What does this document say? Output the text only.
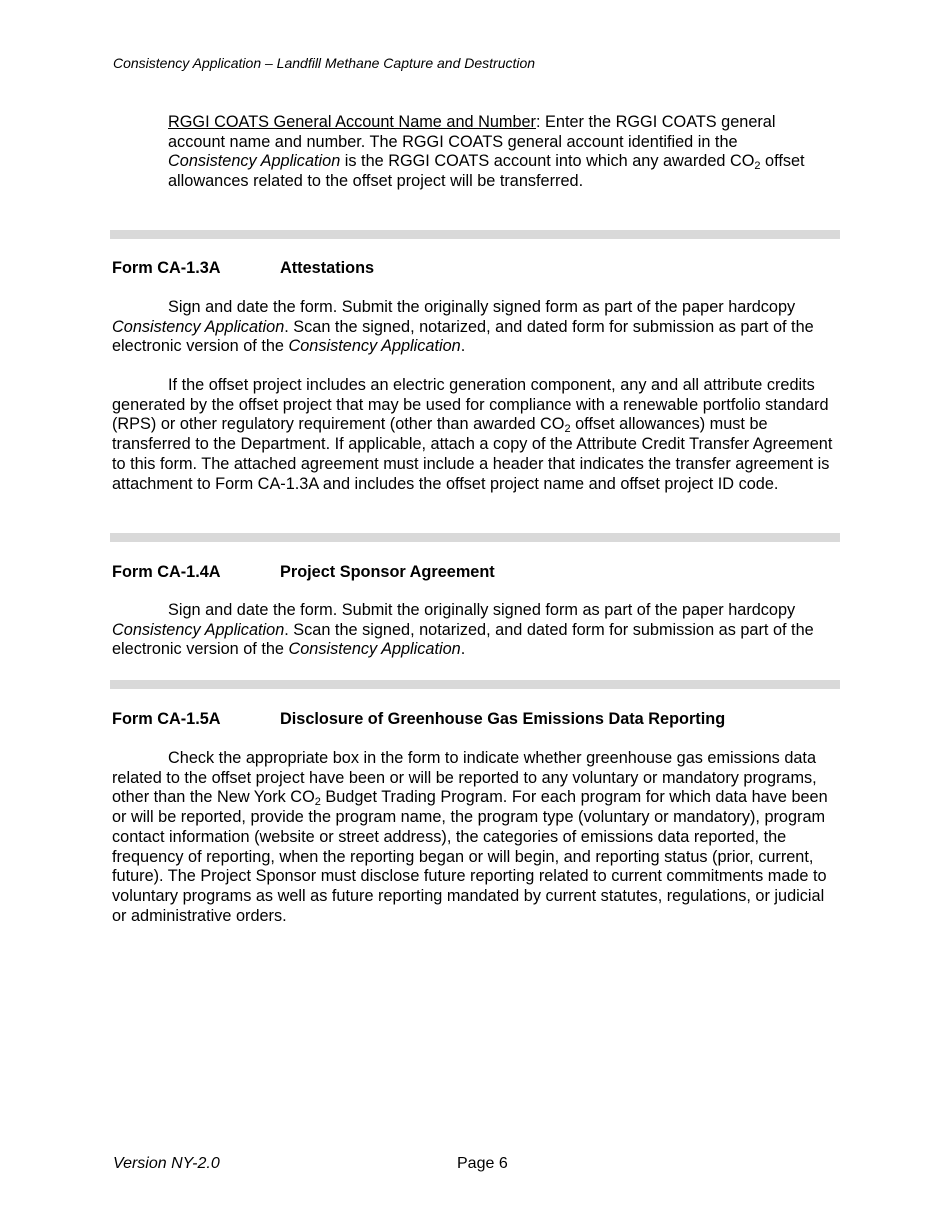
Consistency Application – Landfill Methane Capture and Destruction

RGGI COATS General Account Name and Number: Enter the RGGI COATS general account name and number. The RGGI COATS general account identified in the Consistency Application is the RGGI COATS account into which any awarded $CO_2$ offset allowances related to the offset project will be transferred.

Form CA-1.3A	Attestations

Sign and date the form. Submit the originally signed form as part of the paper hardcopy Consistency Application. Scan the signed, notarized, and dated form for submission as part of the electronic version of the Consistency Application.

If the offset project includes an electric generation component, any and all attribute credits generated by the offset project that may be used for compliance with a renewable portfolio standard (RPS) or other regulatory requirement (other than awarded $CO_2$ offset allowances) must be transferred to the Department. If applicable, attach a copy of the Attribute Credit Transfer Agreement to this form. The attached agreement must include a header that indicates the transfer agreement is attachment to Form CA-1.3A and includes the offset project name and offset project ID code.

Form CA-1.4A	Project Sponsor Agreement

Sign and date the form. Submit the originally signed form as part of the paper hardcopy Consistency Application. Scan the signed, notarized, and dated form for submission as part of the electronic version of the Consistency Application.

Form CA-1.5A	Disclosure of Greenhouse Gas Emissions Data Reporting

Check the appropriate box in the form to indicate whether greenhouse gas emissions data related to the offset project have been or will be reported to any voluntary or mandatory programs, other than the New York $CO_2$ Budget Trading Program. For each program for which data have been or will be reported, provide the program name, the program type (voluntary or mandatory), program contact information (website or street address), the categories of emissions data reported, the frequency of reporting, when the reporting began or will begin, and reporting status (prior, current, future). The Project Sponsor must disclose future reporting related to current commitments made to voluntary programs as well as future reporting mandated by current statutes, regulations, or judicial or administrative orders.

Version NY-2.0	Page 6
